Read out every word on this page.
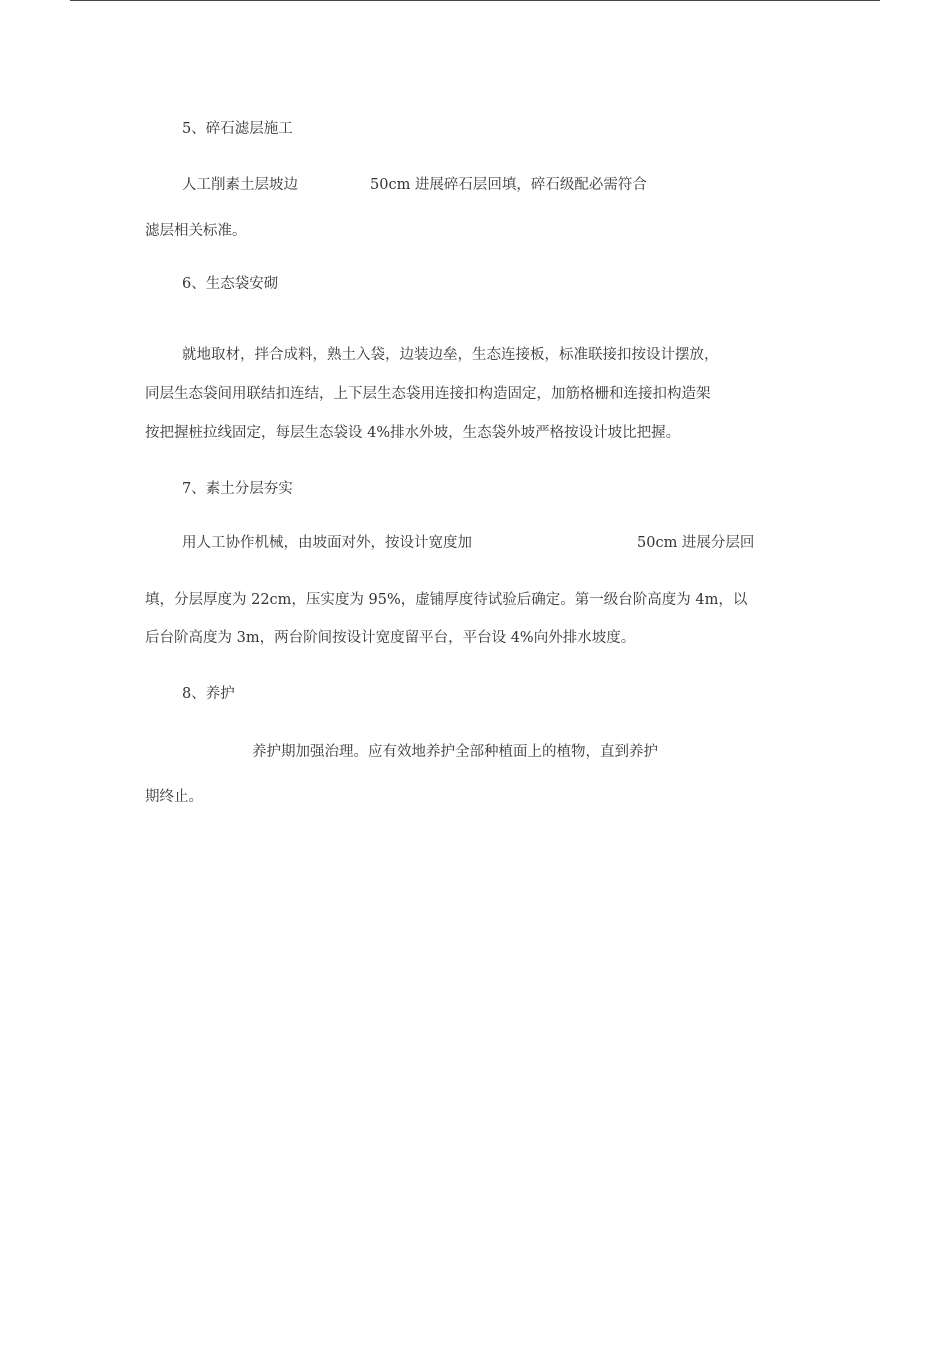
5、碎石滤层施工
人工削素土层坡边	50cm 进展碎石层回填，碎石级配必需符合
滤层相关标准。
6、生态袋安砌
就地取材，拌合成料，熟土入袋，边装边垒，生态连接板，标准联接扣按设计摆放，
同层生态袋间用联结扣连结，上下层生态袋用连接扣构造固定，加筋格栅和连接扣构造架
按把握桩拉线固定，每层生态袋设 4%排水外坡，生态袋外坡严格按设计坡比把握。
7、素土分层夯实
用人工协作机械，由坡面对外，按设计宽度加	50cm 进展分层回
填，分层厚度为 22cm，压实度为 95%，虚铺厚度待试验后确定。第一级台阶高度为 4m，以
后台阶高度为 3m，两台阶间按设计宽度留平台，平台设 4%向外排水坡度。
8、养护
养护期加强治理。应有效地养护全部种植面上的植物，直到养护
期终止。
